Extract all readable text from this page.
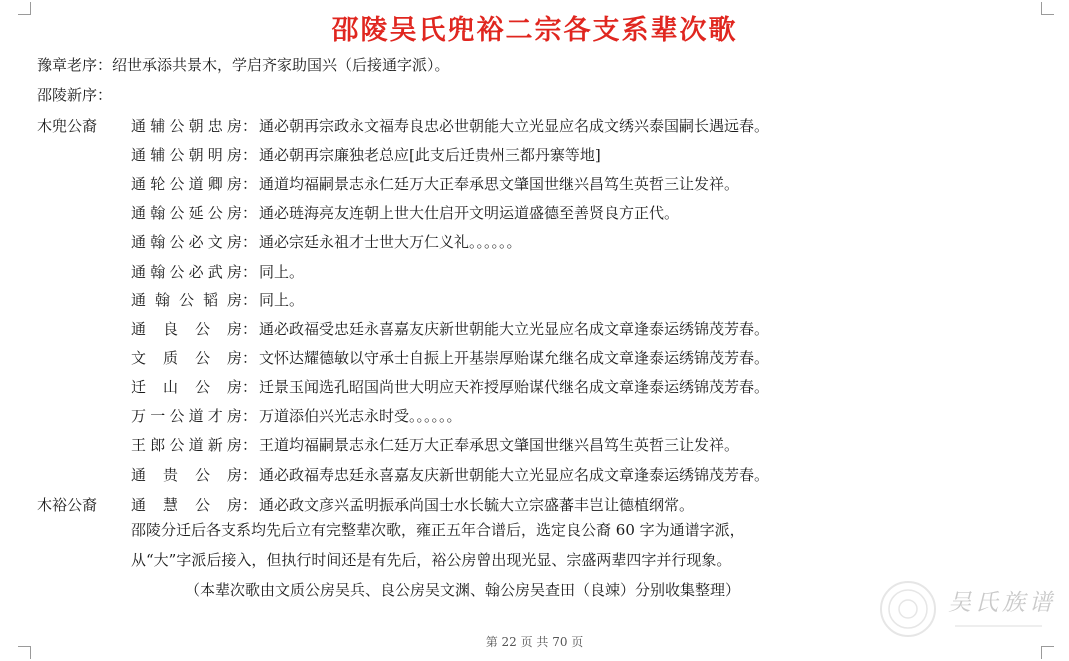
邵陵吴氏兜裕二宗各支系辈次歌
豫章老序：绍世承添共景木，学启齐家助国兴（后接通字派）。
邵陵新序：
木兜公裔
木裕公裔
通 辅 公 朝 忠 房： 通必朝再宗政永文福寿良忠必世朝能大立光显应名成文绣兴泰国嗣长遇远春。
通 辅 公 朝 明 房： 通必朝再宗廉独老总应[此支后迁贵州三都丹寨等地]
通 轮 公 道 卿 房： 通道均福嗣景志永仁廷万大正奉承思文肇国世继兴昌笃生英哲三让发祥。
通 翰 公 延 公 房： 通必琏海亮友连朝上世大仕启开文明运道盛德至善贤良方正代。
通 翰 公 必 文 房： 通必宗廷永祖才士世大万仁义礼。。。。。。
通 翰 公 必 武 房： 同上。
通 翰 公 韬 房： 同上。
通 良 公 房： 通必政福受忠廷永喜嘉友庆新世朝能大立光显应名成文章逢泰运绣锦茂芳春。
文 质 公 房： 文怀达耀德敏以守承士自振上开基崇厚贻谋允继名成文章逢泰运绣锦茂芳春。
迁 山 公 房： 迁景玉闻选孔昭国尚世大明应天祚授厚贻谋代继名成文章逢泰运绣锦茂芳春。
万 一 公 道 才 房： 万道添伯兴光志永时受。。。。。。
王 郎 公 道 新 房： 王道均福嗣景志永仁廷万大正奉承思文肇国世继兴昌笃生英哲三让发祥。
通 贵 公 房： 通必政福寿忠廷永喜嘉友庆新世朝能大立光显应名成文章逢泰运绣锦茂芳春。
通 慧 公 房： 通必政文彦兴孟明振承尚国士水长毓大立宗盛蕃丰岂让德植纲常。
邵陵分迁后各支系均先后立有完整辈次歌，雍正五年合谱后，选定良公裔 60 字为通谱字派，
从“大”字派后接入，但执行时间还是有先后，裕公房曾出现光显、宗盛两辈四字并行现象。
（本辈次歌由文质公房吴兵、良公房吴文渊、翰公房吴查田（良竦）分别收集整理）	吴氏族谱
第 22 页 共 70 页
